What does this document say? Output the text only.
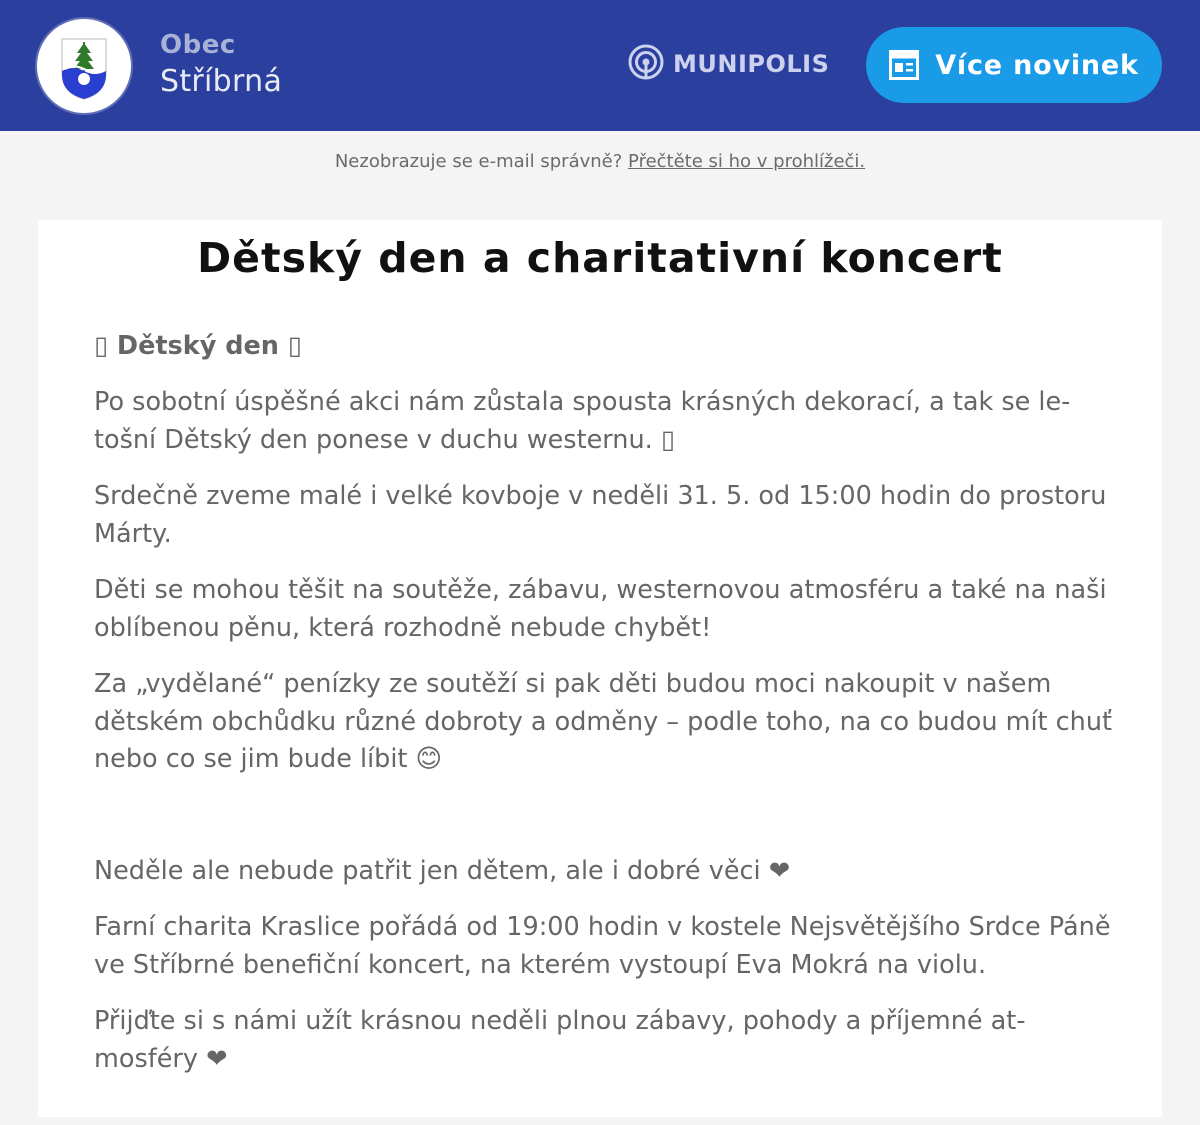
Obec
Stříbrná	MUNIPOLIS	Více novinek
Nezobrazuje se e-mail správně? Přečtěte si ho v prohlížeči.
Dětský den a charitativní koncert

▯ Dětský den ▯

Po sobotní úspěšné akci nám zůstala spousta krásných dekorací, a tak se letošní Dětský den ponese v duchu westernu. ▯

Srdečně zveme malé i velké kovboje v neděli 31. 5. od 15:00 hodin do prostoru Márty.

Děti se mohou těšit na soutěže, zábavu, westernovou atmosféru a také na naši oblíbenou pěnu, která rozhodně nebude chybět!

Za „vydělané“ penízky ze soutěží si pak děti budou moci nakoupit v našem dětském obchůdku různé dobroty a odměny – podle toho, na co budou mít chuť nebo co se jim bude líbit 😊

Neděle ale nebude patřit jen dětem, ale i dobré věci ❤

Farní charita Kraslice pořádá od 19:00 hodin v kostele Nejsvětějšího Srdce Páně ve Stříbrné benefiční koncert, na kterém vystoupí Eva Mokrá na violu.

Přijďte si s námi užít krásnou neděli plnou zábavy, pohody a příjemné atmosféry ❤
